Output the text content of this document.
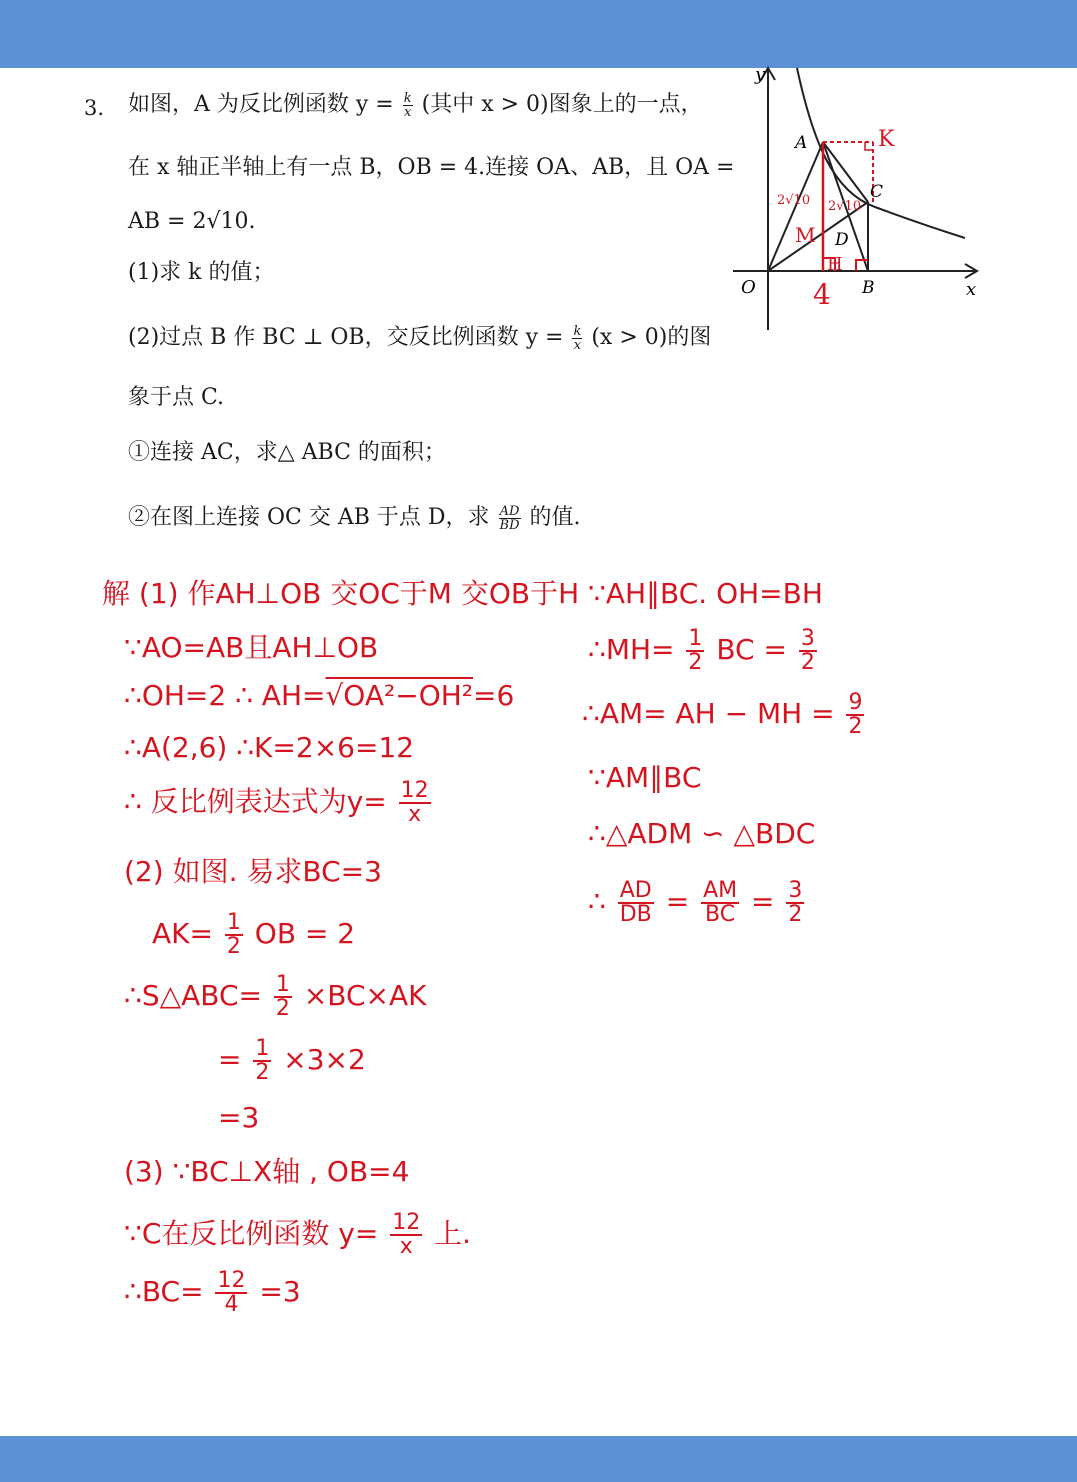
3. 如图，A 为反比例函数 $y = \frac{k}{x}$ (其中 x > 0)图象上的一点，
在 x 轴正半轴上有一点 B，OB = 4.连接 OA、AB，且 OA =
AB = 2√10.
(1)求 k 的值；
(2)过点 B 作 BC ⊥ OB，交反比例函数 $y = \frac{k}{x} (x > 0)$的图
象于点 C.
①连接 AC，求△ ABC 的面积；
②在图上连接 OC 交 AB 于点 D，求 $\frac{AD}{BD}$ 的值.
y
x
O
A
B
C
D
K
M
H
2√10 2√10
4
解 (1) 作AH⊥OB 交OC于M 交OB于H
∵AO=AB且AH⊥OB
∴OH=2 ∴ AH=√OA²−OH²=6
∴A(2,6) ∴K=2×6=12
∴ 反比例表达式为$y= \frac{12}{x}$
(2) 如图. 易求BC=3
$AK= \frac{1}{2}$ OB = 2
∴S△ABC= $\frac{1}{2} \times BC\times AK$
= $\frac{1}{2} \times 3\times 2$
=3
(3) ∵BC⊥X轴 , OB=4
∵C在反比例函数 $y= \frac{12}{x}$ 上.
∴BC= $\frac{12}{4} =3$
∵AH∥BC. OH=BH
∴MH= $\frac{1}{2}$ BC = $\frac{3}{2}$
∴AM= AH − MH = $\frac{9}{2}$
∵AM∥BC
∴△ADM ∽ △BDC
∴ $\frac{AD}{DB} = \frac{AM}{BC} = \frac{3}{2}$
